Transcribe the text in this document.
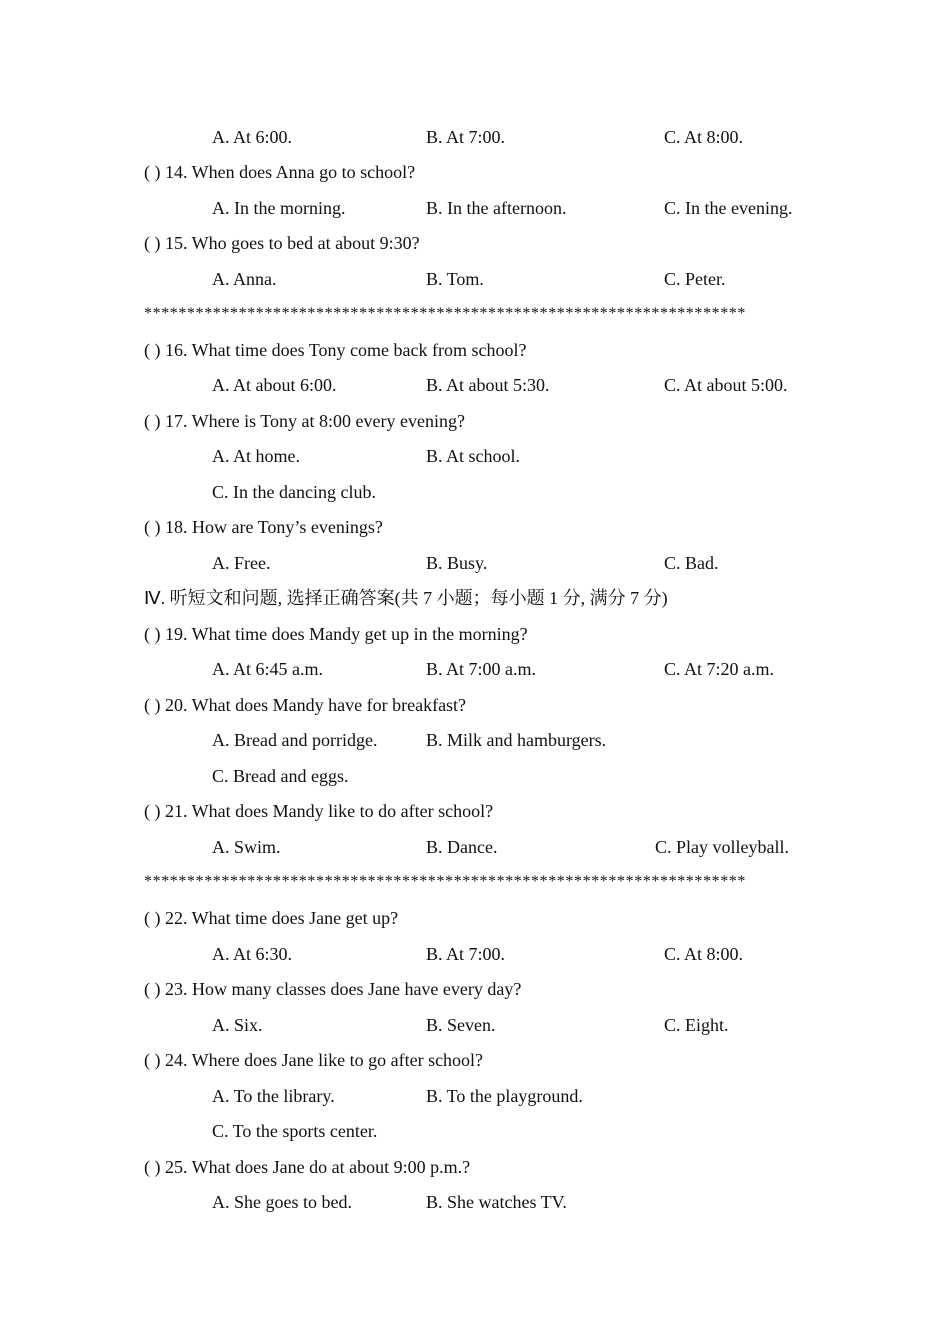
A. At 6:00.	B. At 7:00.	C. At 8:00.
( ) 14. When does Anna go to school?
A. In the morning.	B. In the afternoon.	C. In the evening.
( ) 15. Who goes to bed at about 9:30?
A. Anna.	B. Tom.	C. Peter.
**********************************************************************
( ) 16. What time does Tony come back from school?
A. At about 6:00.	B. At about 5:30.	C. At about 5:00.
( ) 17. Where is Tony at 8:00 every evening?
A. At home.	B. At school.
C. In the dancing club.
( ) 18. How are Tony’s evenings?
A. Free.	B. Busy.	C. Bad.
Ⅳ. 听短文和问题, 选择正确答案(共 7 小题；每小题 1 分, 满分 7 分)
( ) 19. What time does Mandy get up in the morning?
A. At 6:45 a.m.	B. At 7:00 a.m.	C. At 7:20 a.m.
( ) 20. What does Mandy have for breakfast?
A. Bread and porridge.	B. Milk and hamburgers.
C. Bread and eggs.
( ) 21. What does Mandy like to do after school?
A. Swim.	B. Dance.	C. Play volleyball.
**********************************************************************
( ) 22. What time does Jane get up?
A. At 6:30.	B. At 7:00.	C. At 8:00.
( ) 23. How many classes does Jane have every day?
A. Six.	B. Seven.	C. Eight.
( ) 24. Where does Jane like to go after school?
A. To the library.	B. To the playground.
C. To the sports center.
( ) 25. What does Jane do at about 9:00 p.m.?
A. She goes to bed.	B. She watches TV.
